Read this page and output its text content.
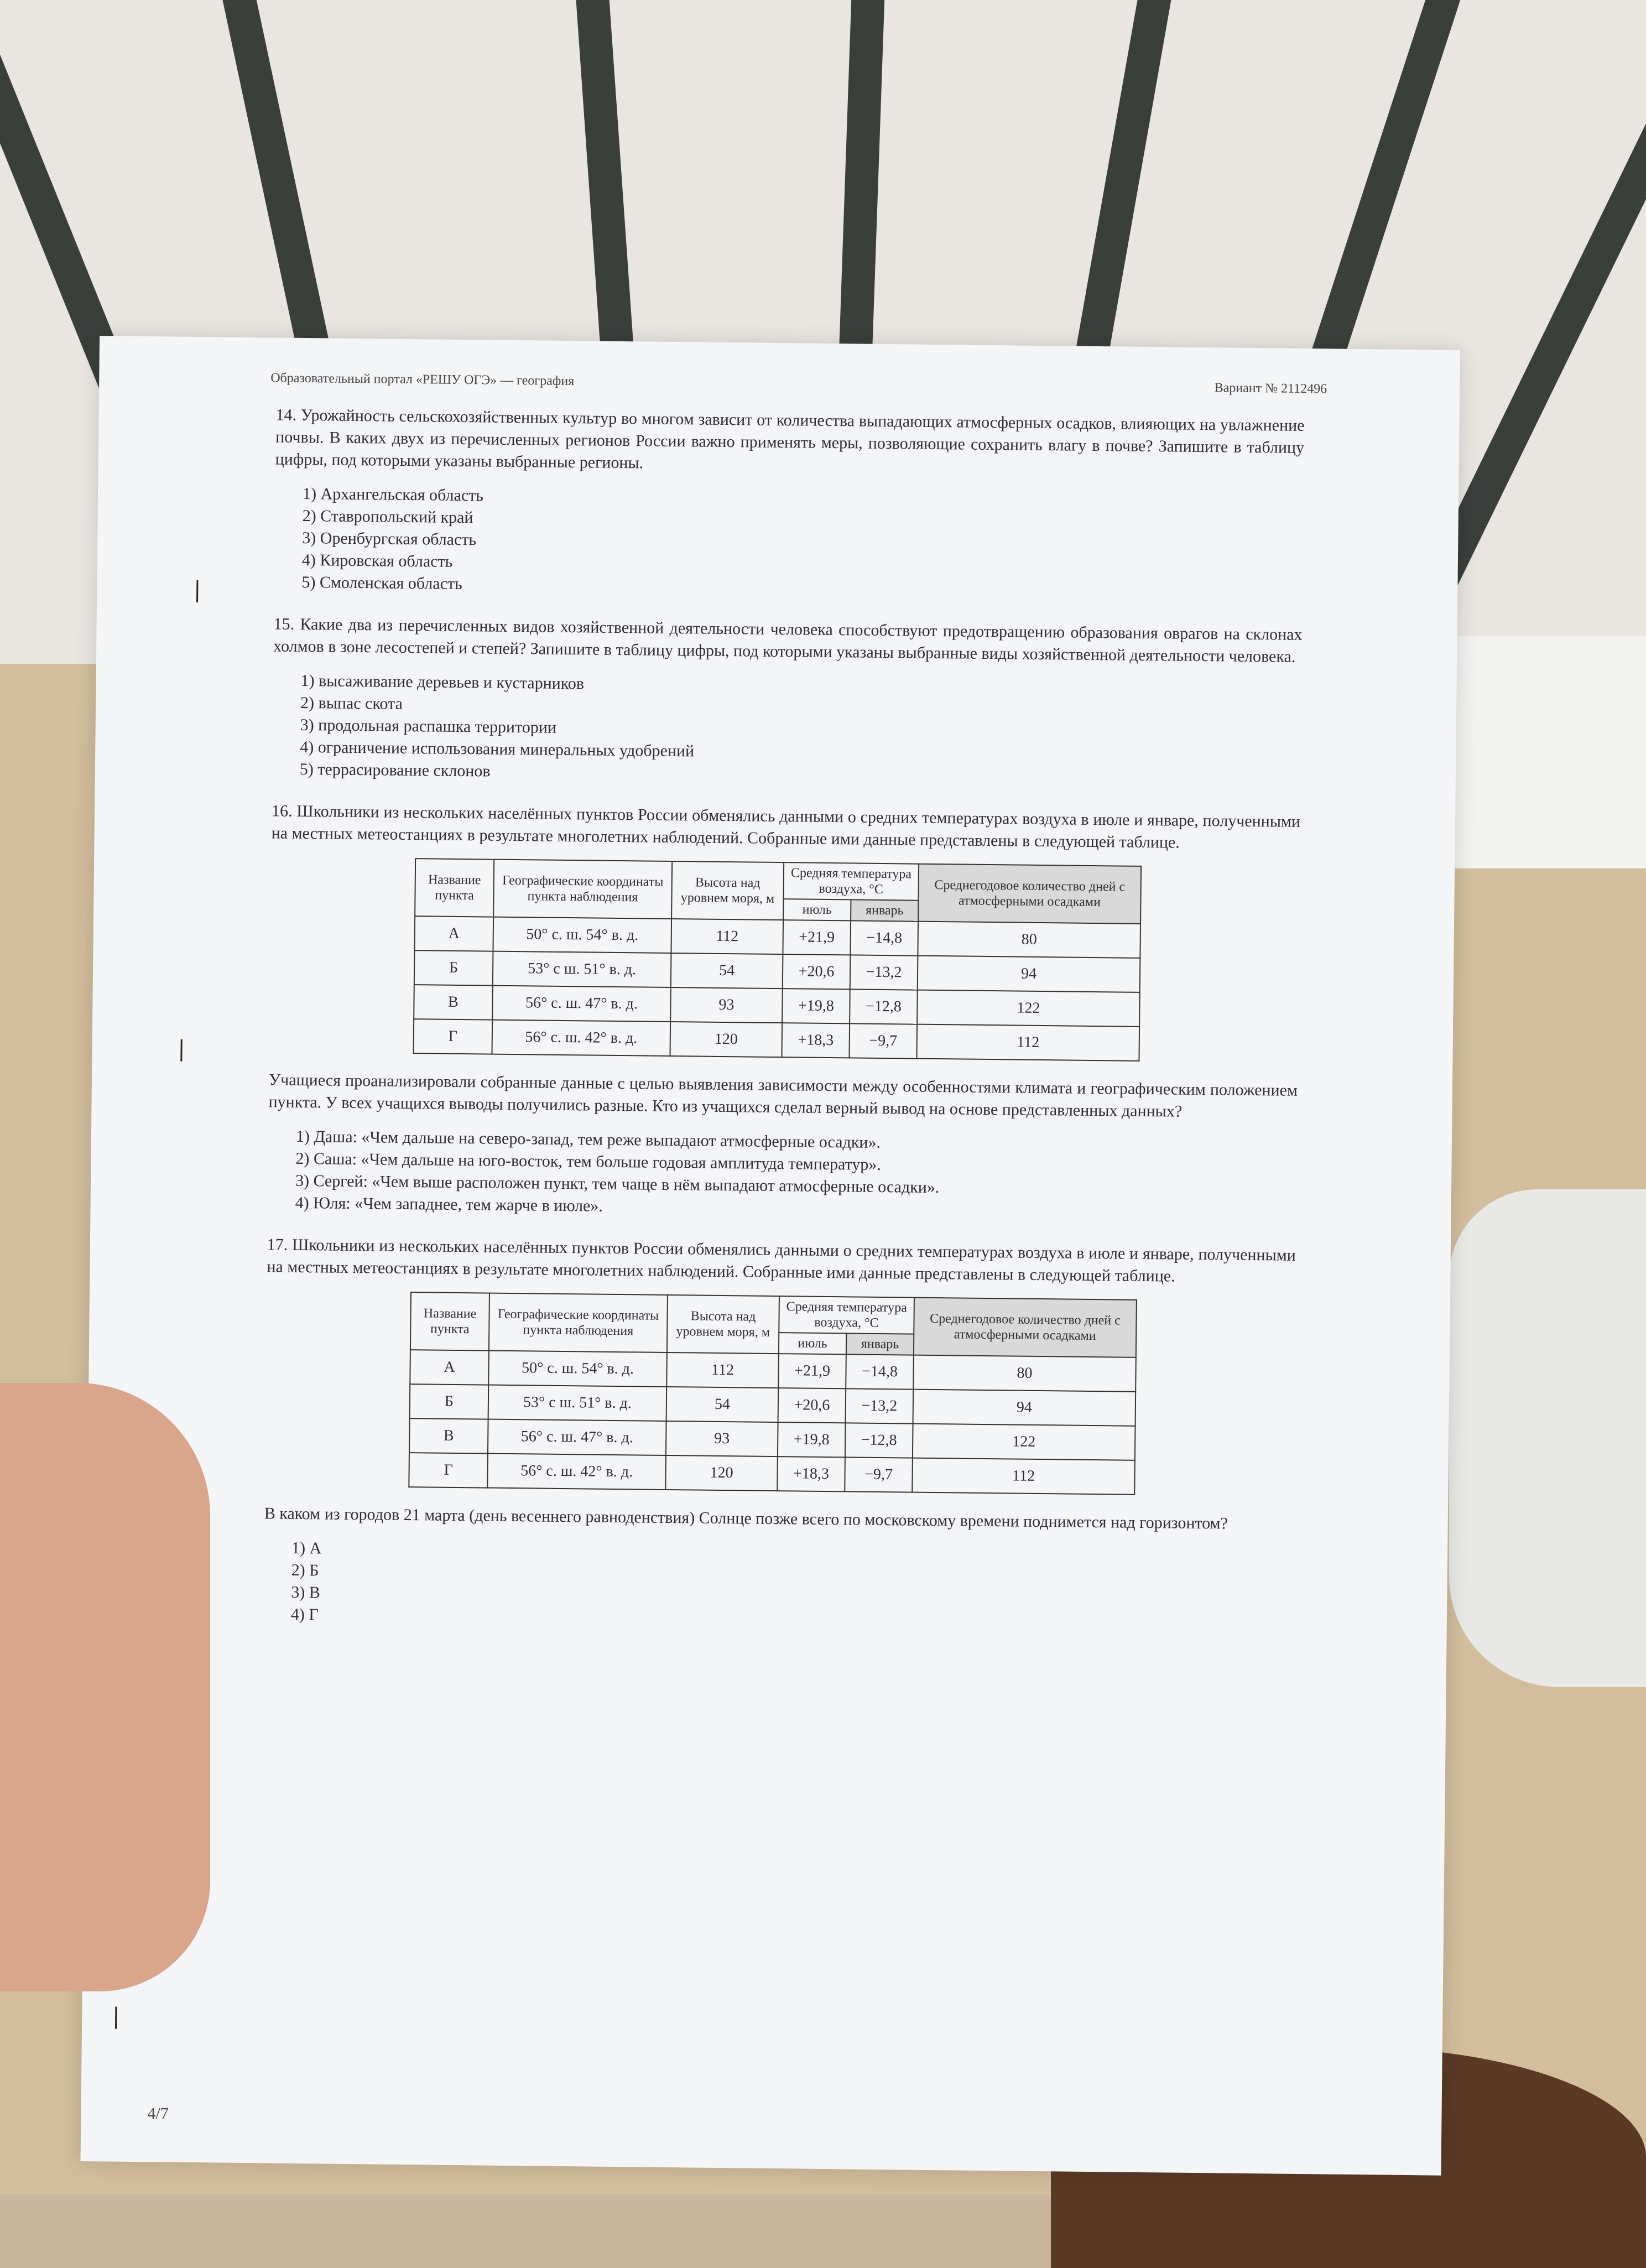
Образовательный портал «РЕШУ ОГЭ» — география
Вариант № 2112496

14. Урожайность сельскохозяйственных культур во многом зависит от количества выпадающих атмосферных осадков, влияющих на увлажнение почвы. В каких двух из перечисленных регионов России важно применять меры, позволяющие сохранить влагу в почве? Запишите в таблицу цифры, под которыми указаны выбранные регионы.

1) Архангельская область
2) Ставропольский край
3) Оренбургская область
4) Кировская область
5) Смоленская область

15. Какие два из перечисленных видов хозяйственной деятельности человека способствуют предотвращению образования оврагов на склонах холмов в зоне лесостепей и степей? Запишите в таблицу цифры, под которыми указаны выбранные виды хозяйственной деятельности человека.

1) высаживание деревьев и кустарников
2) выпас скота
3) продольная распашка территории
4) ограничение использования минеральных удобрений
5) террасирование склонов

16. Школьники из нескольких населённых пунктов России обменялись данными о средних температурах воздуха в июле и январе, полученными на местных метеостанциях в результате многолетних наблюдений. Собранные ими данные представлены в следующей таблице.

Название пункта	Географические координаты пункта наблюдения	Высота над уровнем моря, м	Средняя температура воздуха, °С		Среднегодовое количество дней с атмосферными осадками
			июль	январь	
А	50° с. ш. 54° в. д.	112	+21,9	−14,8	80
Б	53° с ш. 51° в. д.	54	+20,6	−13,2	94
В	56° с. ш. 47° в. д.	93	+19,8	−12,8	122
Г	56° с. ш. 42° в. д.	120	+18,3	−9,7	112

Учащиеся проанализировали собранные данные с целью выявления зависимости между особенностями климата и географическим положением пункта. У всех учащихся выводы получились разные. Кто из учащихся сделал верный вывод на основе представленных данных?

1) Даша: «Чем дальше на северо-запад, тем реже выпадают атмосферные осадки».
2) Саша: «Чем дальше на юго-восток, тем больше годовая амплитуда температур».
3) Сергей: «Чем выше расположен пункт, тем чаще в нём выпадают атмосферные осадки».
4) Юля: «Чем западнее, тем жарче в июле».

17. Школьники из нескольких населённых пунктов России обменялись данными о средних температурах воздуха в июле и январе, полученными на местных метеостанциях в результате многолетних наблюдений. Собранные ими данные представлены в следующей таблице.

Название пункта	Географические координаты пункта наблюдения	Высота над уровнем моря, м	Средняя температура воздуха, °С		Среднегодовое количество дней с атмосферными осадками
			июль	январь	
А	50° с. ш. 54° в. д.	112	+21,9	−14,8	80
Б	53° с ш. 51° в. д.	54	+20,6	−13,2	94
В	56° с. ш. 47° в. д.	93	+19,8	−12,8	122
Г	56° с. ш. 42° в. д.	120	+18,3	−9,7	112

В каком из городов 21 марта (день весеннего равноденствия) Солнце позже всего по московскому времени поднимется над горизонтом?

1) А
2) Б
3) В
4) Г
4/7
